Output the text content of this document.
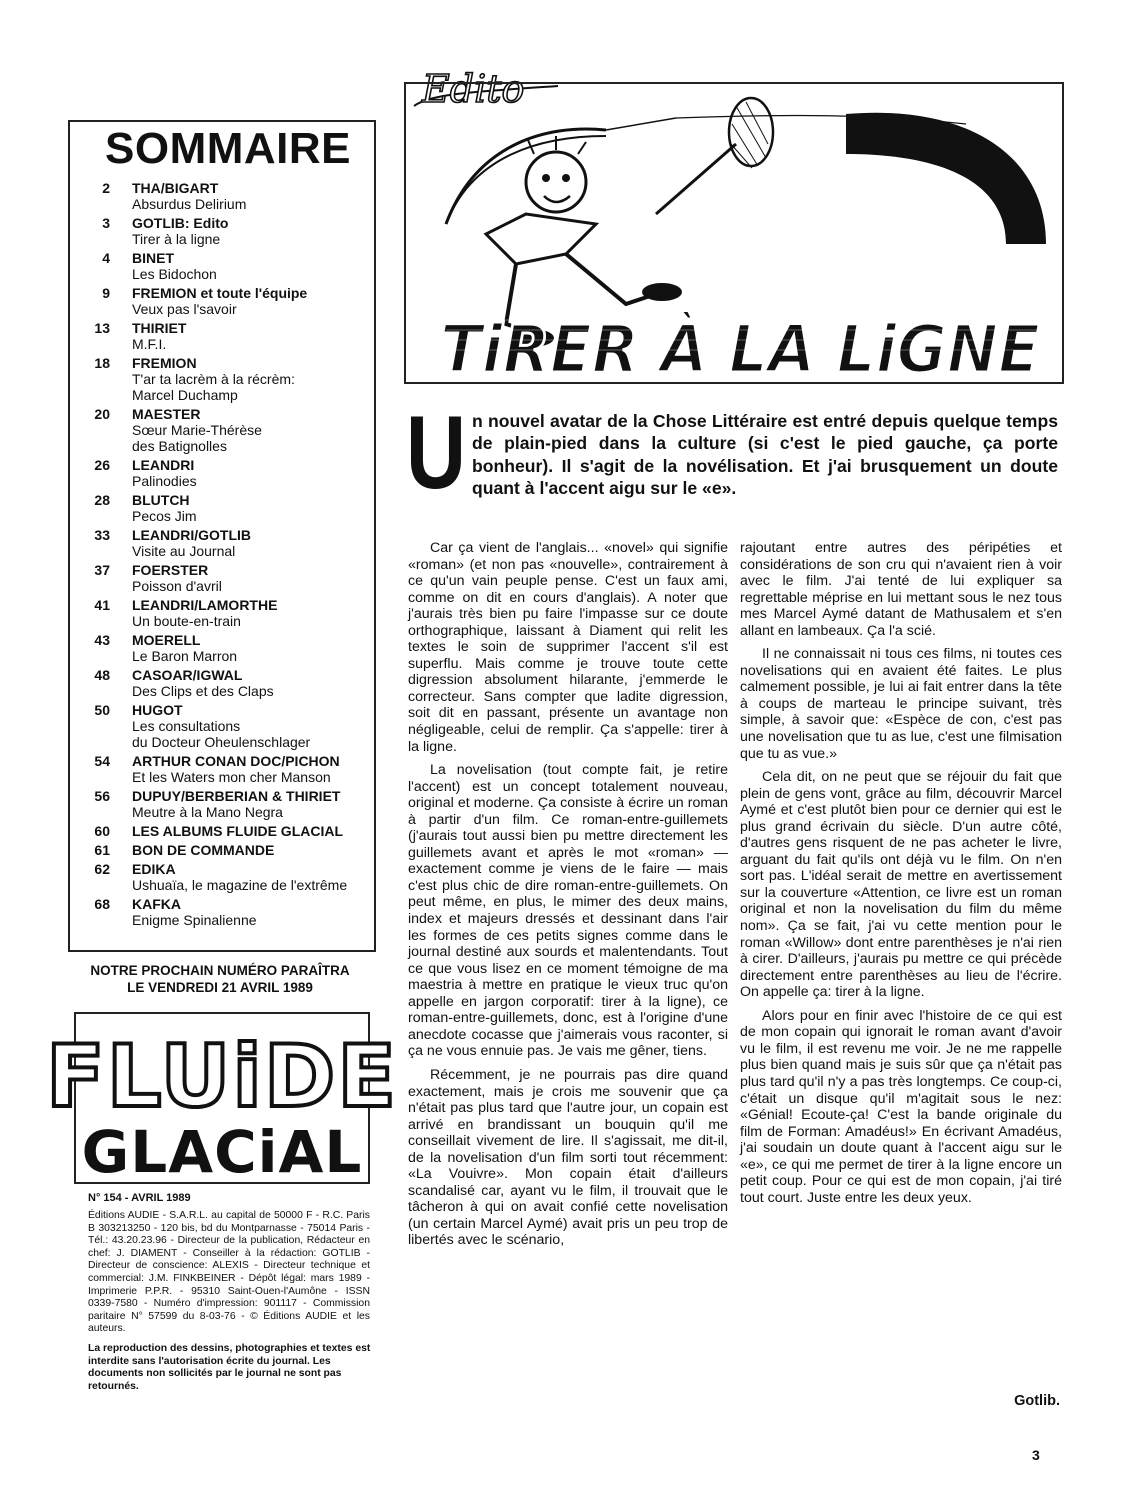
SOMMAIRE
2	THA/BIGART
Absurdus Delirium
3	GOTLIB: Edito
Tirer à la ligne
4	BINET
Les Bidochon
9	FREMION et toute l'équipe
Veux pas l'savoir
13	THIRIET
M.F.I.
18	FREMION
T'ar ta lacrèm à la récrèm:
Marcel Duchamp
20	MAESTER
Sœur Marie-Thérèse
des Batignolles
26	LEANDRI
Palinodies
28	BLUTCH
Pecos Jim
33	LEANDRI/GOTLIB
Visite au Journal
37	FOERSTER
Poisson d'avril
41	LEANDRI/LAMORTHE
Un boute-en-train
43	MOERELL
Le Baron Marron
48	CASOAR/IGWAL
Des Clips et des Claps
50	HUGOT
Les consultations
du Docteur Oheulenschlager
54	ARTHUR CONAN DOC/PICHON
Et les Waters mon cher Manson
56	DUPUY/BERBERIAN & THIRIET
Meutre à la Mano Negra
60	LES ALBUMS FLUIDE GLACIAL
61	BON DE COMMANDE
62	EDIKA
Ushuaïa, le magazine de l'extrême
68	KAFKA
Enigme Spinalienne
NOTRE PROCHAIN NUMÉRO PARAÎTRA
LE VENDREDI 21 AVRIL 1989
FLUiDE
GLACiAL
N° 154 - AVRIL 1989
Éditions AUDIE - S.A.R.L. au capital de 50000 F - R.C. Paris B 303213250 - 120 bis, bd du Montparnasse - 75014 Paris - Tél.: 43.20.23.96 - Directeur de la publication, Rédacteur en chef: J. DIAMENT - Conseiller à la rédaction: GOTLIB - Directeur de conscience: ALEXIS - Directeur technique et commercial: J.M. FINKBEINER - Dépôt légal: mars 1989 - Imprimerie P.P.R. - 95310 Saint-Ouen-l'Aumône - ISSN 0339-7580 - Numéro d'impression: 901117 - Commission paritaire N° 57599 du 8-03-76 - © Éditions AUDIE et les auteurs.
La reproduction des dessins, photographies et textes est interdite sans l'autorisation écrite du journal. Les documents non sollicités par le journal ne sont pas retournés.
Edito
U n nouvel avatar de la Chose Littéraire est entré depuis quelque temps de plain-pied dans la culture (si c'est le pied gauche, ça porte bonheur). Il s'agit de la novélisation. Et j'ai brusquement un doute quant à l'accent aigu sur le «e».

Car ça vient de l'anglais... «novel» qui signifie «roman» (et non pas «nouvelle», contrairement à ce qu'un vain peuple pense. C'est un faux ami, comme on dit en cours d'anglais). A noter que j'aurais très bien pu faire l'impasse sur ce doute orthographique, laissant à Diament qui relit les textes le soin de supprimer l'accent s'il est superflu. Mais comme je trouve toute cette digression absolument hilarante, j'emmerde le correcteur. Sans compter que ladite digression, soit dit en passant, présente un avantage non négligeable, celui de remplir. Ça s'appelle: tirer à la ligne.

La novelisation (tout compte fait, je retire l'accent) est un concept totalement nouveau, original et moderne. Ça consiste à écrire un roman à partir d'un film. Ce roman-entre-guillemets (j'aurais tout aussi bien pu mettre directement les guillemets avant et après le mot «roman» — exactement comme je viens de le faire — mais c'est plus chic de dire roman-entre-guillemets. On peut même, en plus, le mimer des deux mains, index et majeurs dressés et dessinant dans l'air les formes de ces petits signes comme dans le journal destiné aux sourds et malentendants. Tout ce que vous lisez en ce moment témoigne de ma maestria à mettre en pratique le vieux truc qu'on appelle en jargon corporatif: tirer à la ligne), ce roman-entre-guillemets, donc, est à l'origine d'une anecdote cocasse que j'aimerais vous raconter, si ça ne vous ennuie pas. Je vais me gêner, tiens.

Récemment, je ne pourrais pas dire quand exactement, mais je crois me souvenir que ça n'était pas plus tard que l'autre jour, un copain est arrivé en brandissant un bouquin qu'il me conseillait vivement de lire. Il s'agissait, me dit-il, de la novelisation d'un film sorti tout récemment: «La Vouivre». Mon copain était d'ailleurs scandalisé car, ayant vu le film, il trouvait que le tâcheron à qui on avait confié cette novelisation (un certain Marcel Aymé) avait pris un peu trop de libertés avec le scénario,

rajoutant entre autres des péripéties et considérations de son cru qui n'avaient rien à voir avec le film. J'ai tenté de lui expliquer sa regrettable méprise en lui mettant sous le nez tous mes Marcel Aymé datant de Mathusalem et s'en allant en lambeaux. Ça l'a scié.

Il ne connaissait ni tous ces films, ni toutes ces novelisations qui en avaient été faites. Le plus calmement possible, je lui ai fait entrer dans la tête à coups de marteau le principe suivant, très simple, à savoir que: «Espèce de con, c'est pas une novelisation que tu as lue, c'est une filmisation que tu as vue.»

Cela dit, on ne peut que se réjouir du fait que plein de gens vont, grâce au film, découvrir Marcel Aymé et c'est plutôt bien pour ce dernier qui est le plus grand écrivain du siècle. D'un autre côté, d'autres gens risquent de ne pas acheter le livre, arguant du fait qu'ils ont déjà vu le film. On n'en sort pas. L'idéal serait de mettre en avertissement sur la couverture «Attention, ce livre est un roman original et non la novelisation du film du même nom». Ça se fait, j'ai vu cette mention pour le roman «Willow» dont entre parenthèses je n'ai rien à cirer. D'ailleurs, j'aurais pu mettre ce qui précède directement entre parenthèses au lieu de l'écrire. On appelle ça: tirer à la ligne.

Alors pour en finir avec l'histoire de ce qui est de mon copain qui ignorait le roman avant d'avoir vu le film, il est revenu me voir. Je ne me rappelle plus bien quand mais je suis sûr que ça n'était pas plus tard qu'il n'y a pas très longtemps. Ce coup-ci, c'était un disque qu'il m'agitait sous le nez: «Génial! Ecoute-ça! C'est la bande originale du film de Forman: Amadéus!» En écrivant Amadéus, j'ai soudain un doute quant à l'accent aigu sur le «e», ce qui me permet de tirer à la ligne encore un petit coup. Pour ce qui est de mon copain, j'ai tiré tout court. Juste entre les deux yeux.

Gotlib.
3
